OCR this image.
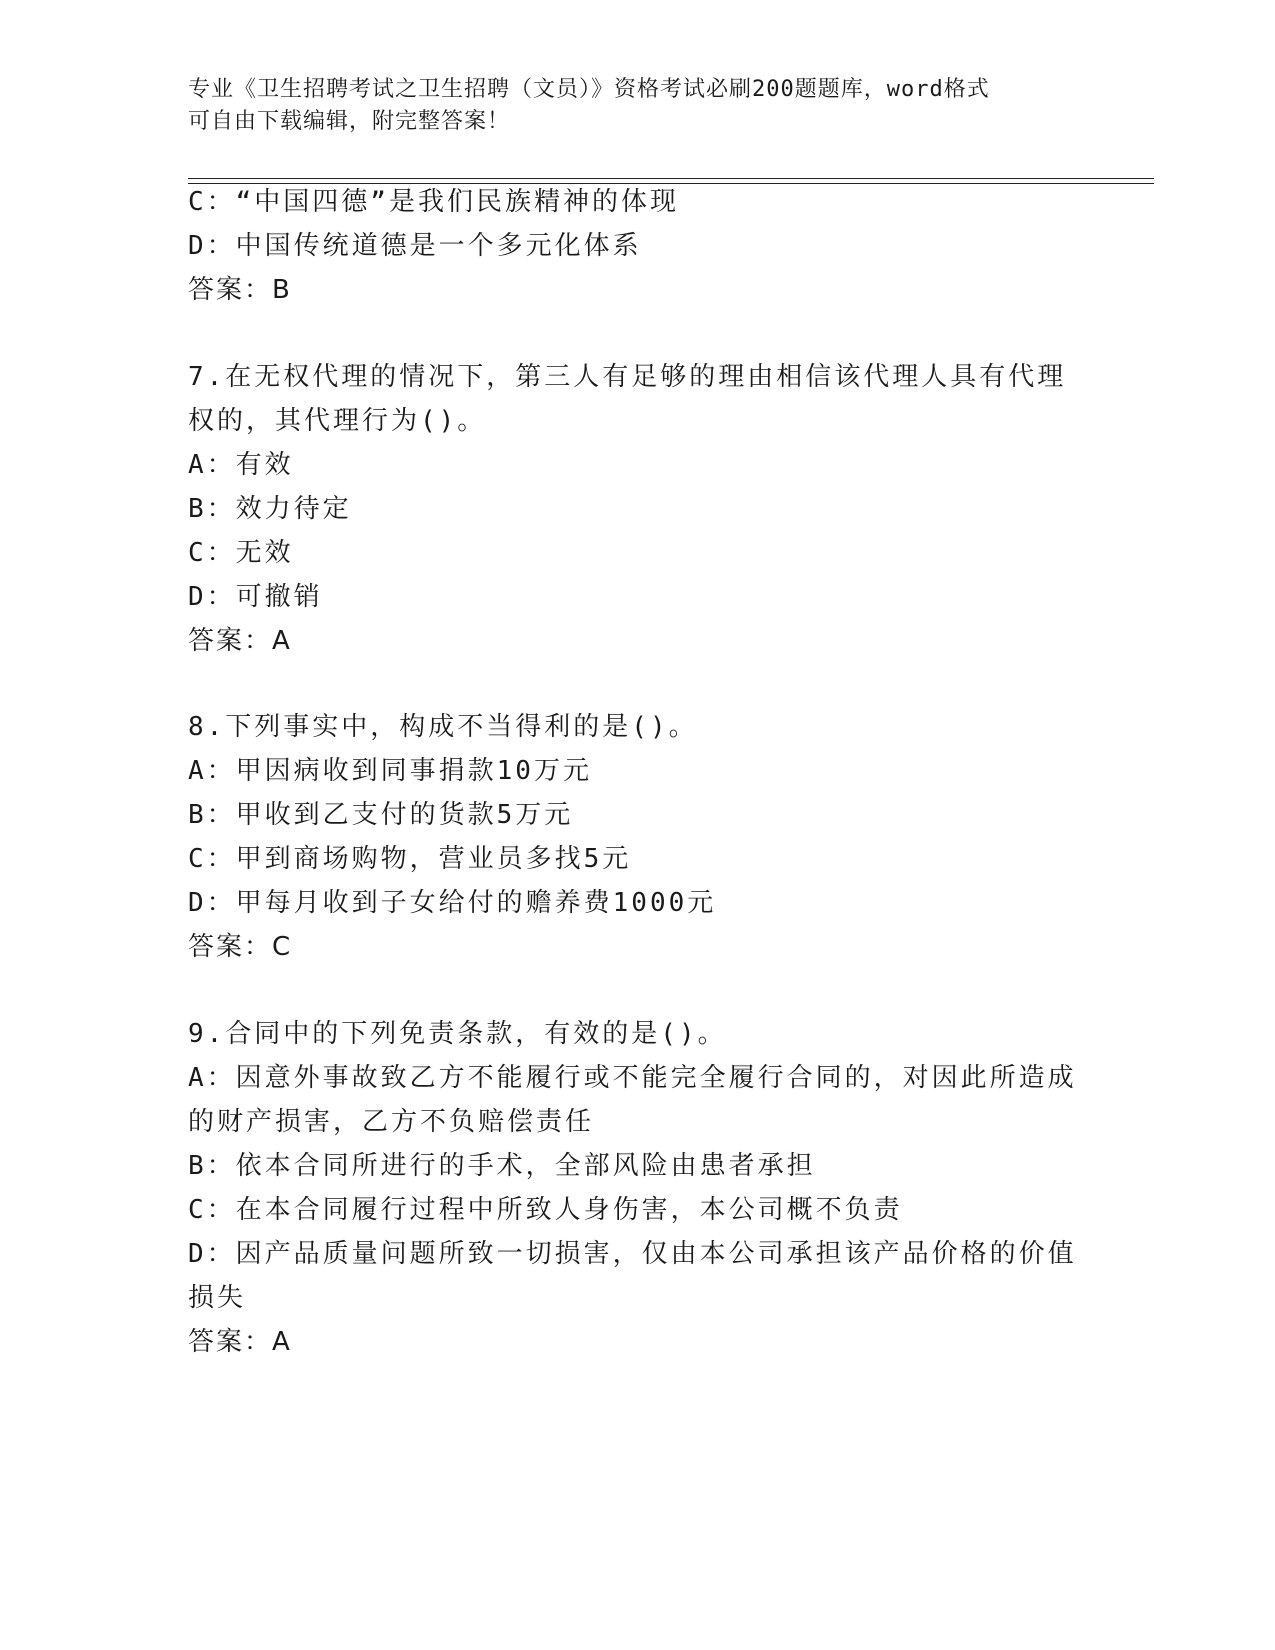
专业《卫生招聘考试之卫生招聘（文员）》资格考试必刷200题题库，word格式
可自由下载编辑，附完整答案！
C：“中国四德”是我们民族精神的体现
D：中国传统道德是一个多元化体系
答案：B
7.在无权代理的情况下，第三人有足够的理由相信该代理人具有代理
权的，其代理行为()。
A：有效
B：效力待定
C：无效
D：可撤销
答案：A
8.下列事实中，构成不当得利的是()。
A：甲因病收到同事捐款10万元
B：甲收到乙支付的货款5万元
C：甲到商场购物，营业员多找5元
D：甲每月收到子女给付的赡养费1000元
答案：C
9.合同中的下列免责条款，有效的是()。
A：因意外事故致乙方不能履行或不能完全履行合同的，对因此所造成
的财产损害，乙方不负赔偿责任
B：依本合同所进行的手术，全部风险由患者承担
C：在本合同履行过程中所致人身伤害，本公司概不负责
D：因产品质量问题所致一切损害，仅由本公司承担该产品价格的价值
损失
答案：A
